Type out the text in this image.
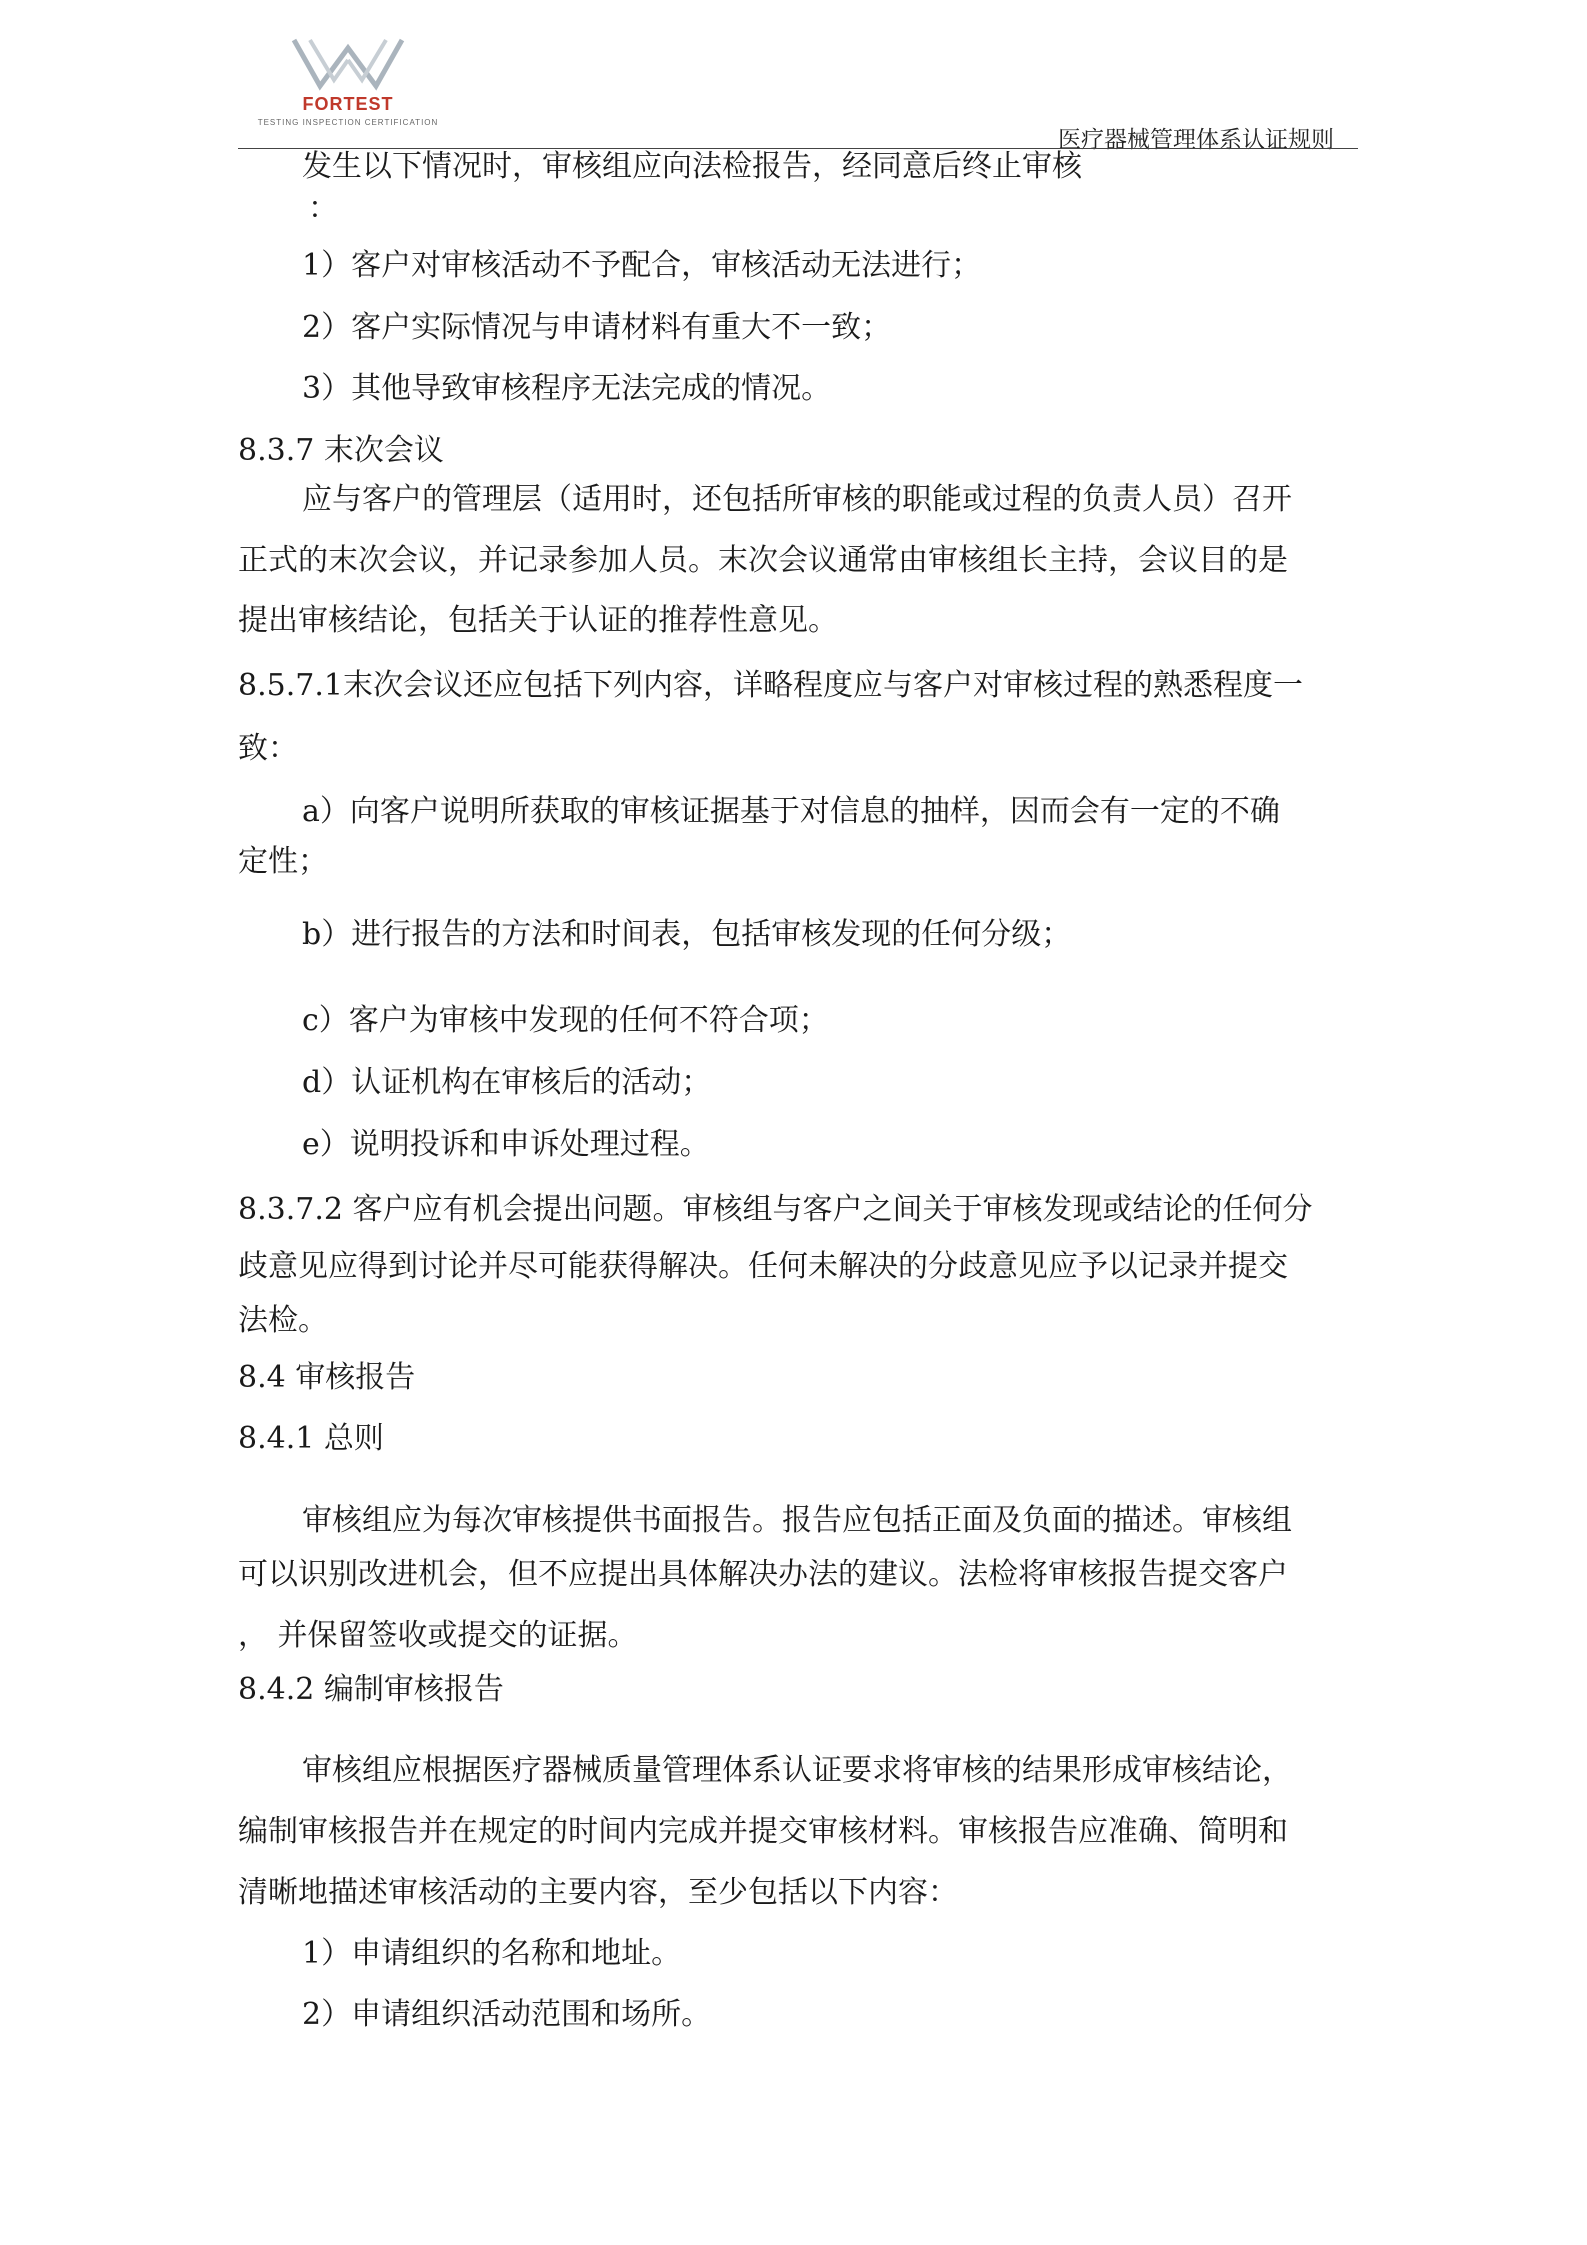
FORTEST
TESTING INSPECTION CERTIFICATION
医疗器械管理体系认证规则
发生以下情况时，审核组应向法检报告，经同意后终止审核
：
1）客户对审核活动不予配合，审核活动无法进行；
2）客户实际情况与申请材料有重大不一致；
3）其他导致审核程序无法完成的情况。
8.3.7 末次会议
应与客户的管理层（适用时，还包括所审核的职能或过程的负责人员）召开
正式的末次会议，并记录参加人员。末次会议通常由审核组长主持，会议目的是
提出审核结论，包括关于认证的推荐性意见。
8.5.7.1末次会议还应包括下列内容，详略程度应与客户对审核过程的熟悉程度一
致：
a）向客户说明所获取的审核证据基于对信息的抽样，因而会有一定的不确
定性；
b）进行报告的方法和时间表，包括审核发现的任何分级；
c）客户为审核中发现的任何不符合项；
d）认证机构在审核后的活动；
e）说明投诉和申诉处理过程。
8.3.7.2 客户应有机会提出问题。审核组与客户之间关于审核发现或结论的任何分
歧意见应得到讨论并尽可能获得解决。任何未解决的分歧意见应予以记录并提交
法检。
8.4 审核报告
8.4.1 总则
审核组应为每次审核提供书面报告。报告应包括正面及负面的描述。审核组
可以识别改进机会，但不应提出具体解决办法的建议。法检将审核报告提交客户
， 并保留签收或提交的证据。
8.4.2 编制审核报告
审核组应根据医疗器械质量管理体系认证要求将审核的结果形成审核结论，
编制审核报告并在规定的时间内完成并提交审核材料。审核报告应准确、简明和
清晰地描述审核活动的主要内容，至少包括以下内容：
1）申请组织的名称和地址。
2）申请组织活动范围和场所。
